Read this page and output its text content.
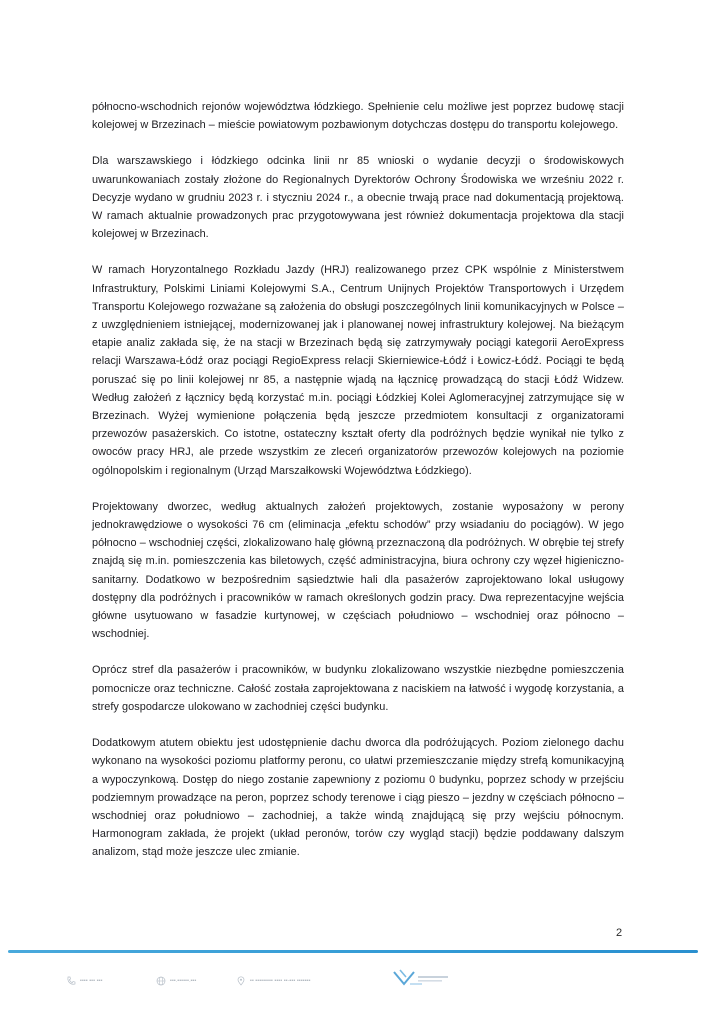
północno-wschodnich rejonów województwa łódzkiego. Spełnienie celu możliwe jest poprzez budowę stacji kolejowej w Brzezinach – mieście powiatowym pozbawionym dotychczas dostępu do transportu kolejowego.

Dla warszawskiego i łódzkiego odcinka linii nr 85 wnioski o wydanie decyzji o środowiskowych uwarunkowaniach zostały złożone do Regionalnych Dyrektorów Ochrony Środowiska we wrześniu 2022 r. Decyzje wydano w grudniu 2023 r. i styczniu 2024 r., a obecnie trwają prace nad dokumentacją projektową. W ramach aktualnie prowadzonych prac przygotowywana jest również dokumentacja projektowa dla stacji kolejowej w Brzezinach.

W ramach Horyzontalnego Rozkładu Jazdy (HRJ) realizowanego przez CPK wspólnie z Ministerstwem Infrastruktury, Polskimi Liniami Kolejowymi S.A., Centrum Unijnych Projektów Transportowych i Urzędem Transportu Kolejowego rozważane są założenia do obsługi poszczególnych linii komunikacyjnych w Polsce – z uwzględnieniem istniejącej, modernizowanej jak i planowanej nowej infrastruktury kolejowej. Na bieżącym etapie analiz zakłada się, że na stacji w Brzezinach będą się zatrzymywały pociągi kategorii AeroExpress relacji Warszawa-Łódź oraz pociągi RegioExpress relacji Skierniewice-Łódź i Łowicz-Łódź. Pociągi te będą poruszać się po linii kolejowej nr 85, a następnie wjadą na łącznicę prowadzącą do stacji Łódź Widzew. Według założeń z łącznicy będą korzystać m.in. pociągi Łódzkiej Kolei Aglomeracyjnej zatrzymujące się w Brzezinach. Wyżej wymienione połączenia będą jeszcze przedmiotem konsultacji z organizatorami przewozów pasażerskich. Co istotne, ostateczny kształt oferty dla podróżnych będzie wynikał nie tylko z owoców pracy HRJ, ale przede wszystkim ze zleceń organizatorów przewozów kolejowych na poziomie ogólnopolskim i regionalnym (Urząd Marszałkowski Województwa Łódzkiego).

Projektowany dworzec, według aktualnych założeń projektowych, zostanie wyposażony w perony jednokrawędziowe o wysokości 76 cm (eliminacja „efektu schodów” przy wsiadaniu do pociągów). W jego północno – wschodniej części, zlokalizowano halę główną przeznaczoną dla podróżnych. W obrębie tej strefy znajdą się m.in. pomieszczenia kas biletowych, część administracyjna, biura ochrony czy węzeł higieniczno-sanitarny. Dodatkowo w bezpośrednim sąsiedztwie hali dla pasażerów zaprojektowano lokal usługowy dostępny dla podróżnych i pracowników w ramach określonych godzin pracy. Dwa reprezentacyjne wejścia główne usytuowano w fasadzie kurtynowej, w częściach południowo – wschodniej oraz północno – wschodniej.

Oprócz stref dla pasażerów i pracowników, w budynku zlokalizowano wszystkie niezbędne pomieszczenia pomocnicze oraz techniczne. Całość została zaprojektowana z naciskiem na łatwość i wygodę korzystania, a strefy gospodarcze ulokowano w zachodniej części budynku.

Dodatkowym atutem obiektu jest udostępnienie dachu dworca dla podróżujących. Poziom zielonego dachu wykonano na wysokości poziomu platformy peronu, co ułatwi przemieszczanie między strefą komunikacyjną a wypoczynkową. Dostęp do niego zostanie zapewniony z poziomu 0 budynku, poprzez schody w przejściu podziemnym prowadzące na peron, poprzez schody terenowe i ciąg pieszo – jezdny w częściach północno – wschodniej oraz południowo – zachodniej, a także windą znajdującą się przy wejściu północnym. Harmonogram zakłada, że projekt (układ peronów, torów czy wygląd stacji) będzie poddawany dalszym analizom, stąd może jeszcze ulec zmianie.

2
▪▪▪▪ ▪▪▪ ▪▪▪	▪▪▪.▪▪▪▪▪▪.▪▪▪	▪▪ ▪▪▪▪▪▪▪▪▪ ▪▪▪▪ ▪▪-▪▪▪ ▪▪▪▪▪▪▪
